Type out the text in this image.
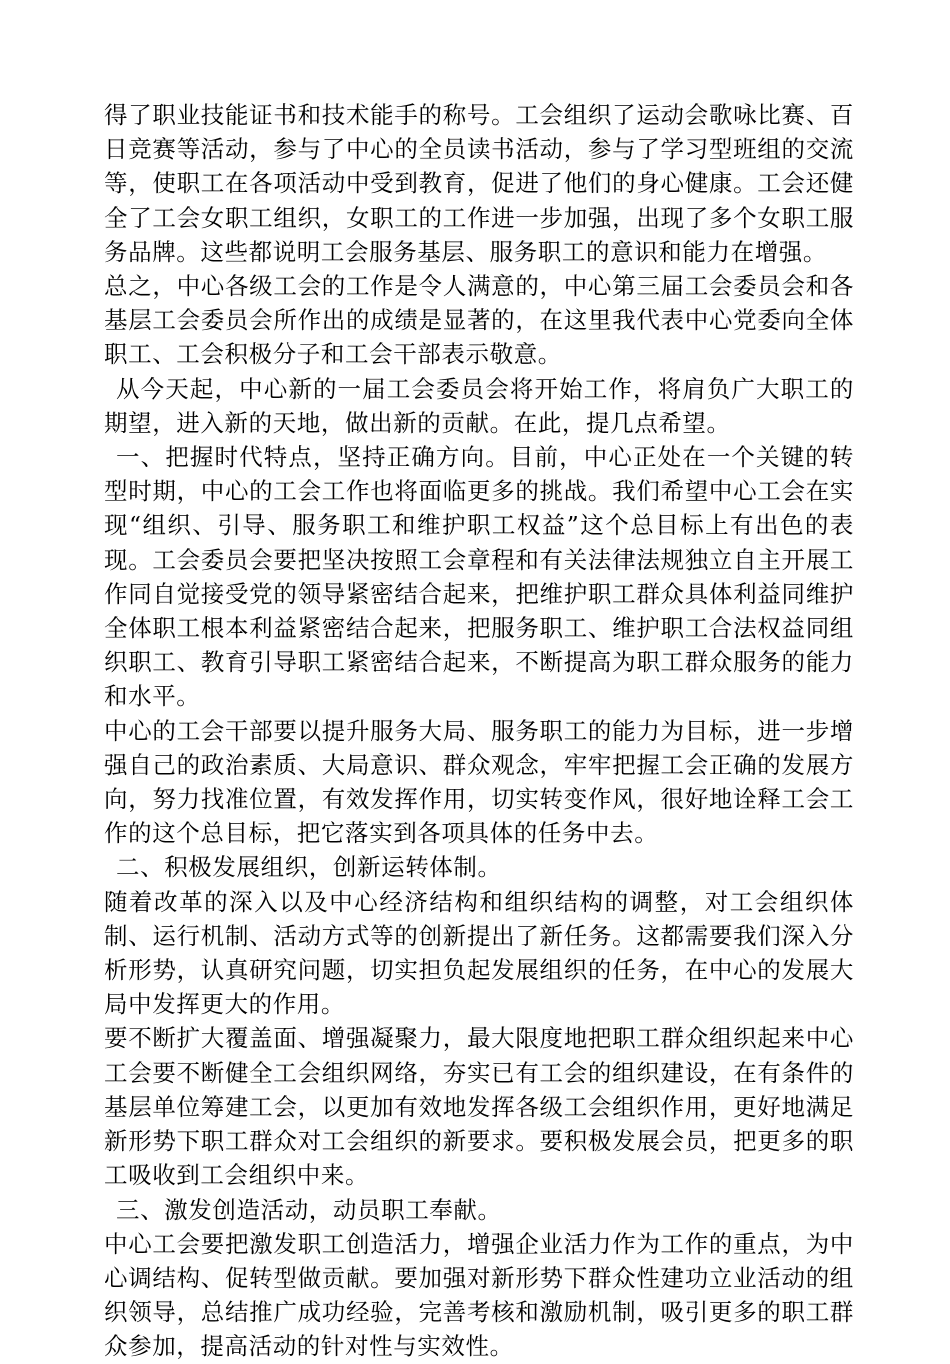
得了职业技能证书和技术能手的称号。工会组织了运动会歌咏比赛、百日竞赛等活动，参与了中心的全员读书活动，参与了学习型班组的交流等，使职工在各项活动中受到教育，促进了他们的身心健康。工会还健全了工会女职工组织，女职工的工作进一步加强，出现了多个女职工服务品牌。这些都说明工会服务基层、服务职工的意识和能力在增强。

总之，中心各级工会的工作是令人满意的，中心第三届工会委员会和各基层工会委员会所作出的成绩是显著的，在这里我代表中心党委向全体职工、工会积极分子和工会干部表示敬意。

从今天起，中心新的一届工会委员会将开始工作，将肩负广大职工的期望，进入新的天地，做出新的贡献。在此，提几点希望。

一、把握时代特点，坚持正确方向。目前，中心正处在一个关键的转型时期，中心的工会工作也将面临更多的挑战。我们希望中心工会在实现“组织、引导、服务职工和维护职工权益”这个总目标上有出色的表现。工会委员会要把坚决按照工会章程和有关法律法规独立自主开展工作同自觉接受党的领导紧密结合起来，把维护职工群众具体利益同维护全体职工根本利益紧密结合起来，把服务职工、维护职工合法权益同组织职工、教育引导职工紧密结合起来，不断提高为职工群众服务的能力和水平。

中心的工会干部要以提升服务大局、服务职工的能力为目标，进一步增强自己的政治素质、大局意识、群众观念，牢牢把握工会正确的发展方向，努力找准位置，有效发挥作用，切实转变作风，很好地诠释工会工作的这个总目标，把它落实到各项具体的任务中去。

二、积极发展组织，创新运转体制。

随着改革的深入以及中心经济结构和组织结构的调整，对工会组织体制、运行机制、活动方式等的创新提出了新任务。这都需要我们深入分析形势，认真研究问题，切实担负起发展组织的任务，在中心的发展大局中发挥更大的作用。

要不断扩大覆盖面、增强凝聚力，最大限度地把职工群众组织起来中心工会要不断健全工会组织网络，夯实已有工会的组织建设，在有条件的基层单位筹建工会，以更加有效地发挥各级工会组织作用，更好地满足新形势下职工群众对工会组织的新要求。要积极发展会员，把更多的职工吸收到工会组织中来。

三、激发创造活动，动员职工奉献。

中心工会要把激发职工创造活力，增强企业活力作为工作的重点，为中心调结构、促转型做贡献。要加强对新形势下群众性建功立业活动的组织领导，总结推广成功经验，完善考核和激励机制，吸引更多的职工群众参加，提高活动的针对性与实效性。
